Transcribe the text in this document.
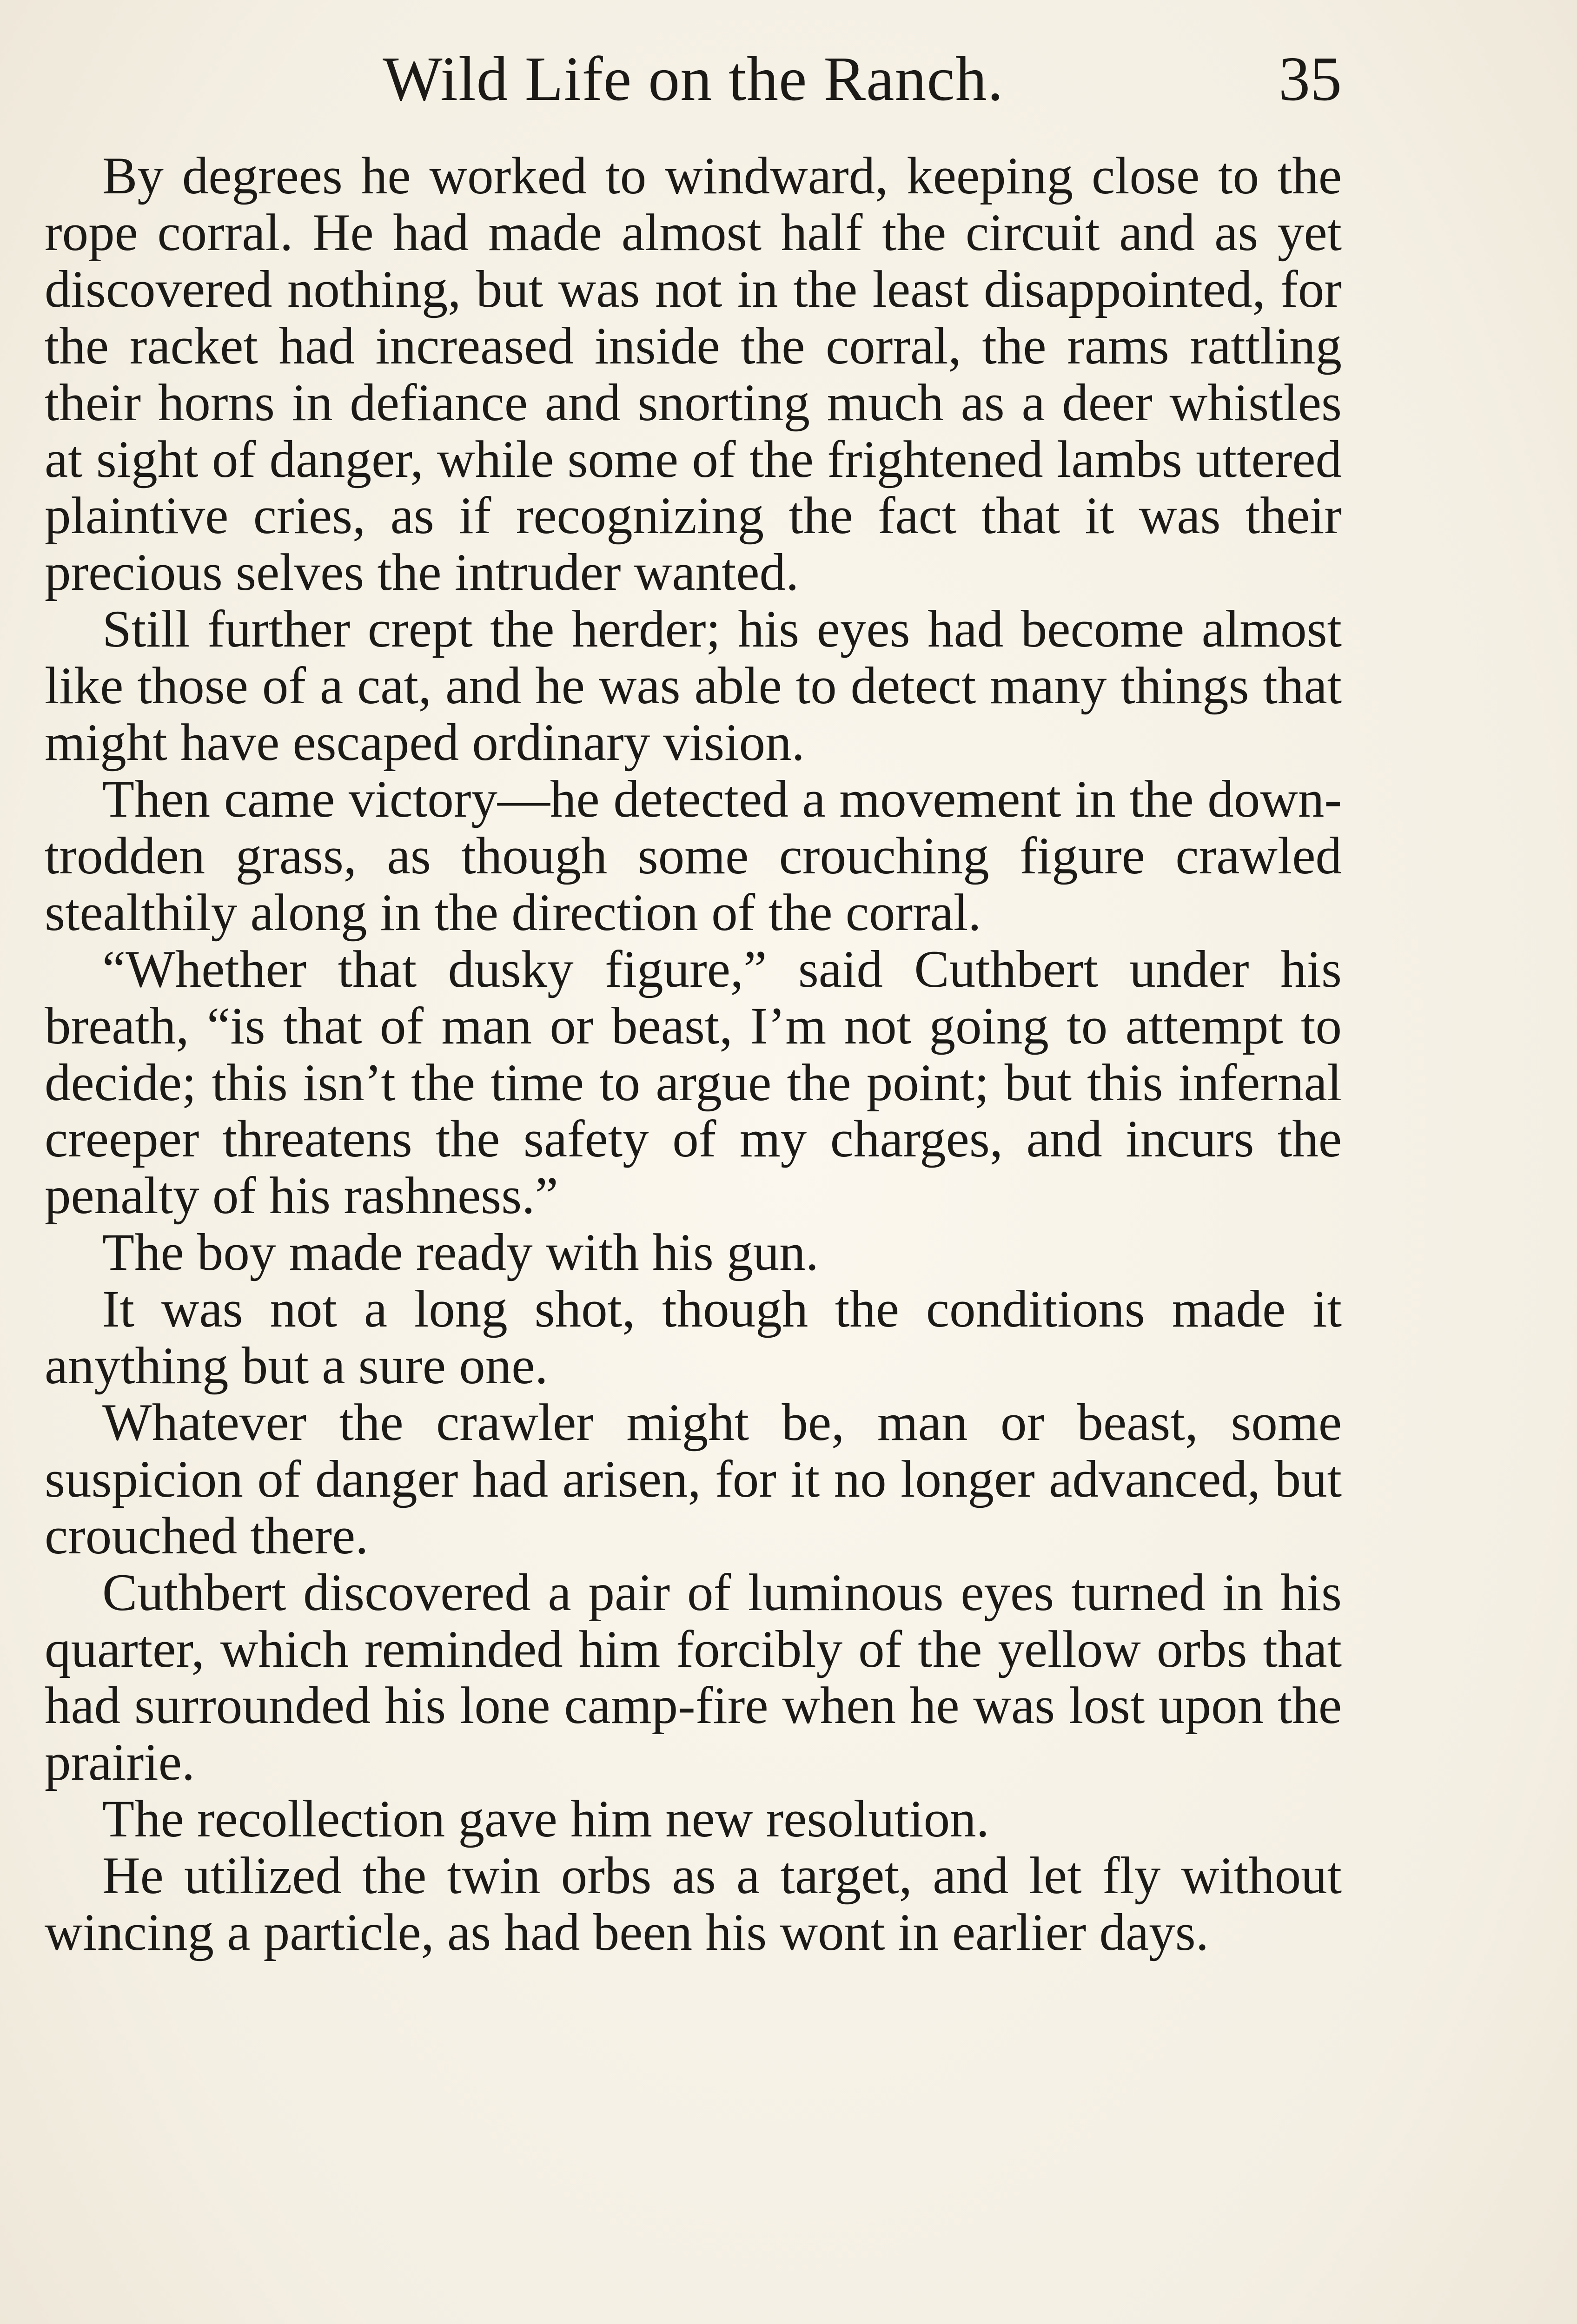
Wild Life on the Ranch.	35

By degrees he worked to windward, keeping close to the rope corral. He had made almost half the circuit and as yet discovered nothing, but was not in the least disappointed, for the racket had increased inside the corral, the rams rattling their horns in defiance and snorting much as a deer whistles at sight of danger, while some of the frightened lambs uttered plaintive cries, as if recognizing the fact that it was their precious selves the intruder wanted.

Still further crept the herder; his eyes had become almost like those of a cat, and he was able to detect many things that might have escaped ordinary vision.

Then came victory—he detected a movement in the down-trodden grass, as though some crouching figure crawled stealthily along in the direction of the corral.

“Whether that dusky figure,” said Cuthbert under his breath, “is that of man or beast, I’m not going to attempt to decide; this isn’t the time to argue the point; but this infernal creeper threatens the safety of my charges, and incurs the penalty of his rashness.”

The boy made ready with his gun.

It was not a long shot, though the conditions made it anything but a sure one.

Whatever the crawler might be, man or beast, some suspicion of danger had arisen, for it no longer advanced, but crouched there.

Cuthbert discovered a pair of luminous eyes turned in his quarter, which reminded him forcibly of the yellow orbs that had surrounded his lone camp-fire when he was lost upon the prairie.

The recollection gave him new resolution.

He utilized the twin orbs as a target, and let fly without wincing a particle, as had been his wont in earlier days.
